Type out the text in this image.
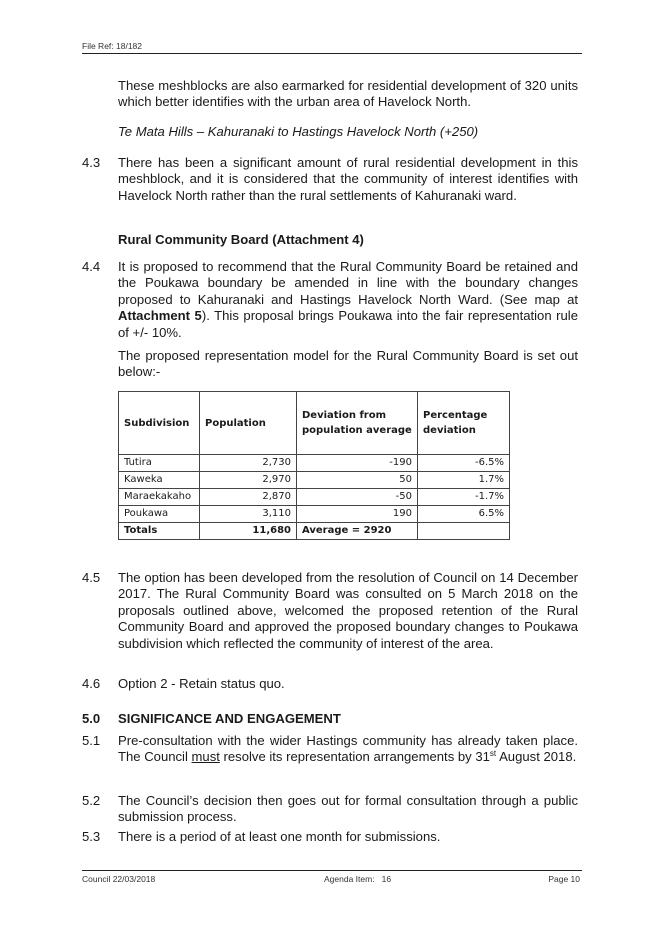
File Ref: 18/182
These meshblocks are also earmarked for residential development of 320 units which better identifies with the urban area of Havelock North.
Te Mata Hills – Kahuranaki to Hastings Havelock North (+250)
4.3 There has been a significant amount of rural residential development in this meshblock, and it is considered that the community of interest identifies with Havelock North rather than the rural settlements of Kahuranaki ward.
Rural Community Board (Attachment 4)
4.4 It is proposed to recommend that the Rural Community Board be retained and the Poukawa boundary be amended in line with the boundary changes proposed to Kahuranaki and Hastings Havelock North Ward. (See map at Attachment 5). This proposal brings Poukawa into the fair representation rule of +/- 10%.
The proposed representation model for the Rural Community Board is set out below:-
Subdivision	Population	Deviation from population average	Percentage deviation
Tutira	2,730	-190	-6.5%
Kaweka	2,970	50	1.7%
Maraekakaho	2,870	-50	-1.7%
Poukawa	3,110	190	6.5%
Totals	11,680	Average = 2920	
4.5 The option has been developed from the resolution of Council on 14 December 2017. The Rural Community Board was consulted on 5 March 2018 on the proposals outlined above, welcomed the proposed retention of the Rural Community Board and approved the proposed boundary changes to Poukawa subdivision which reflected the community of interest of the area.
4.6 Option 2 - Retain status quo.
5.0 SIGNIFICANCE AND ENGAGEMENT
5.1 Pre-consultation with the wider Hastings community has already taken place. The Council must resolve its representation arrangements by 31st August 2018.
5.2 The Council’s decision then goes out for formal consultation through a public submission process.
5.3 There is a period of at least one month for submissions.
Council 22/03/2018	Agenda Item: 16	Page 10
